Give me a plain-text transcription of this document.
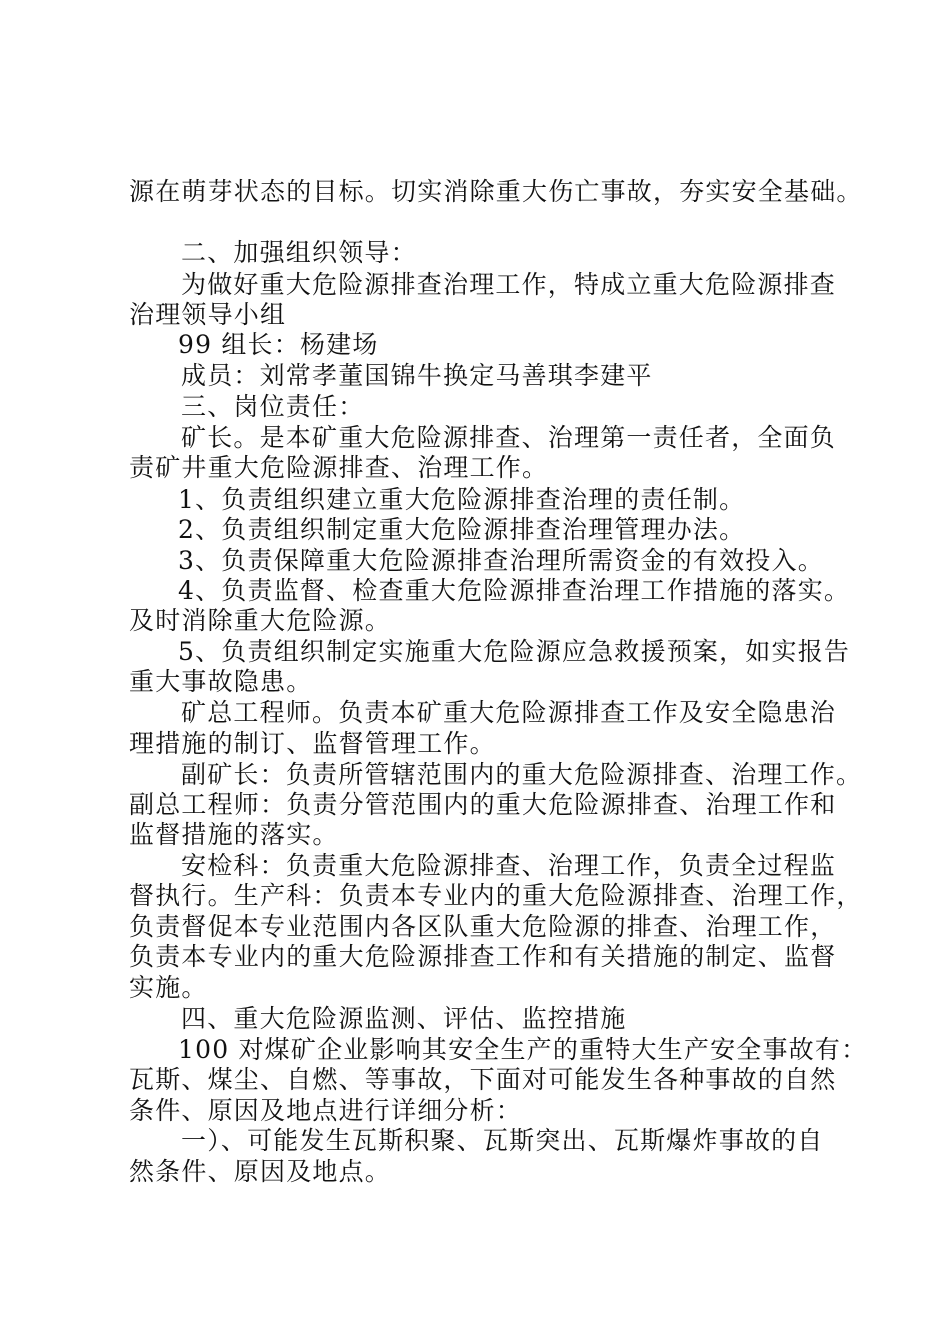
源在萌芽状态的目标。切实消除重大伤亡事故，夯实安全基础。
二、加强组织领导：
为做好重大危险源排查治理工作，特成立重大危险源排查
治理领导小组
99 组长：杨建场
成员：刘常孝董国锦牛换定马善琪李建平
三、岗位责任：
矿长。是本矿重大危险源排查、治理第一责任者，全面负
责矿井重大危险源排查、治理工作。
1、负责组织建立重大危险源排查治理的责任制。
2、负责组织制定重大危险源排查治理管理办法。
3、负责保障重大危险源排查治理所需资金的有效投入。
4、负责监督、检查重大危险源排查治理工作措施的落实。
及时消除重大危险源。
5、负责组织制定实施重大危险源应急救援预案，如实报告
重大事故隐患。
矿总工程师。负责本矿重大危险源排查工作及安全隐患治
理措施的制订、监督管理工作。
副矿长：负责所管辖范围内的重大危险源排查、治理工作。
副总工程师：负责分管范围内的重大危险源排查、治理工作和
监督措施的落实。
安检科：负责重大危险源排查、治理工作，负责全过程监
督执行。生产科：负责本专业内的重大危险源排查、治理工作，
负责督促本专业范围内各区队重大危险源的排查、治理工作，
负责本专业内的重大危险源排查工作和有关措施的制定、监督
实施。
四、重大危险源监测、评估、监控措施
100 对煤矿企业影响其安全生产的重特大生产安全事故有：
瓦斯、煤尘、自燃、等事故，下面对可能发生各种事故的自然
条件、原因及地点进行详细分析：
一）、可能发生瓦斯积聚、瓦斯突出、瓦斯爆炸事故的自
然条件、原因及地点。
